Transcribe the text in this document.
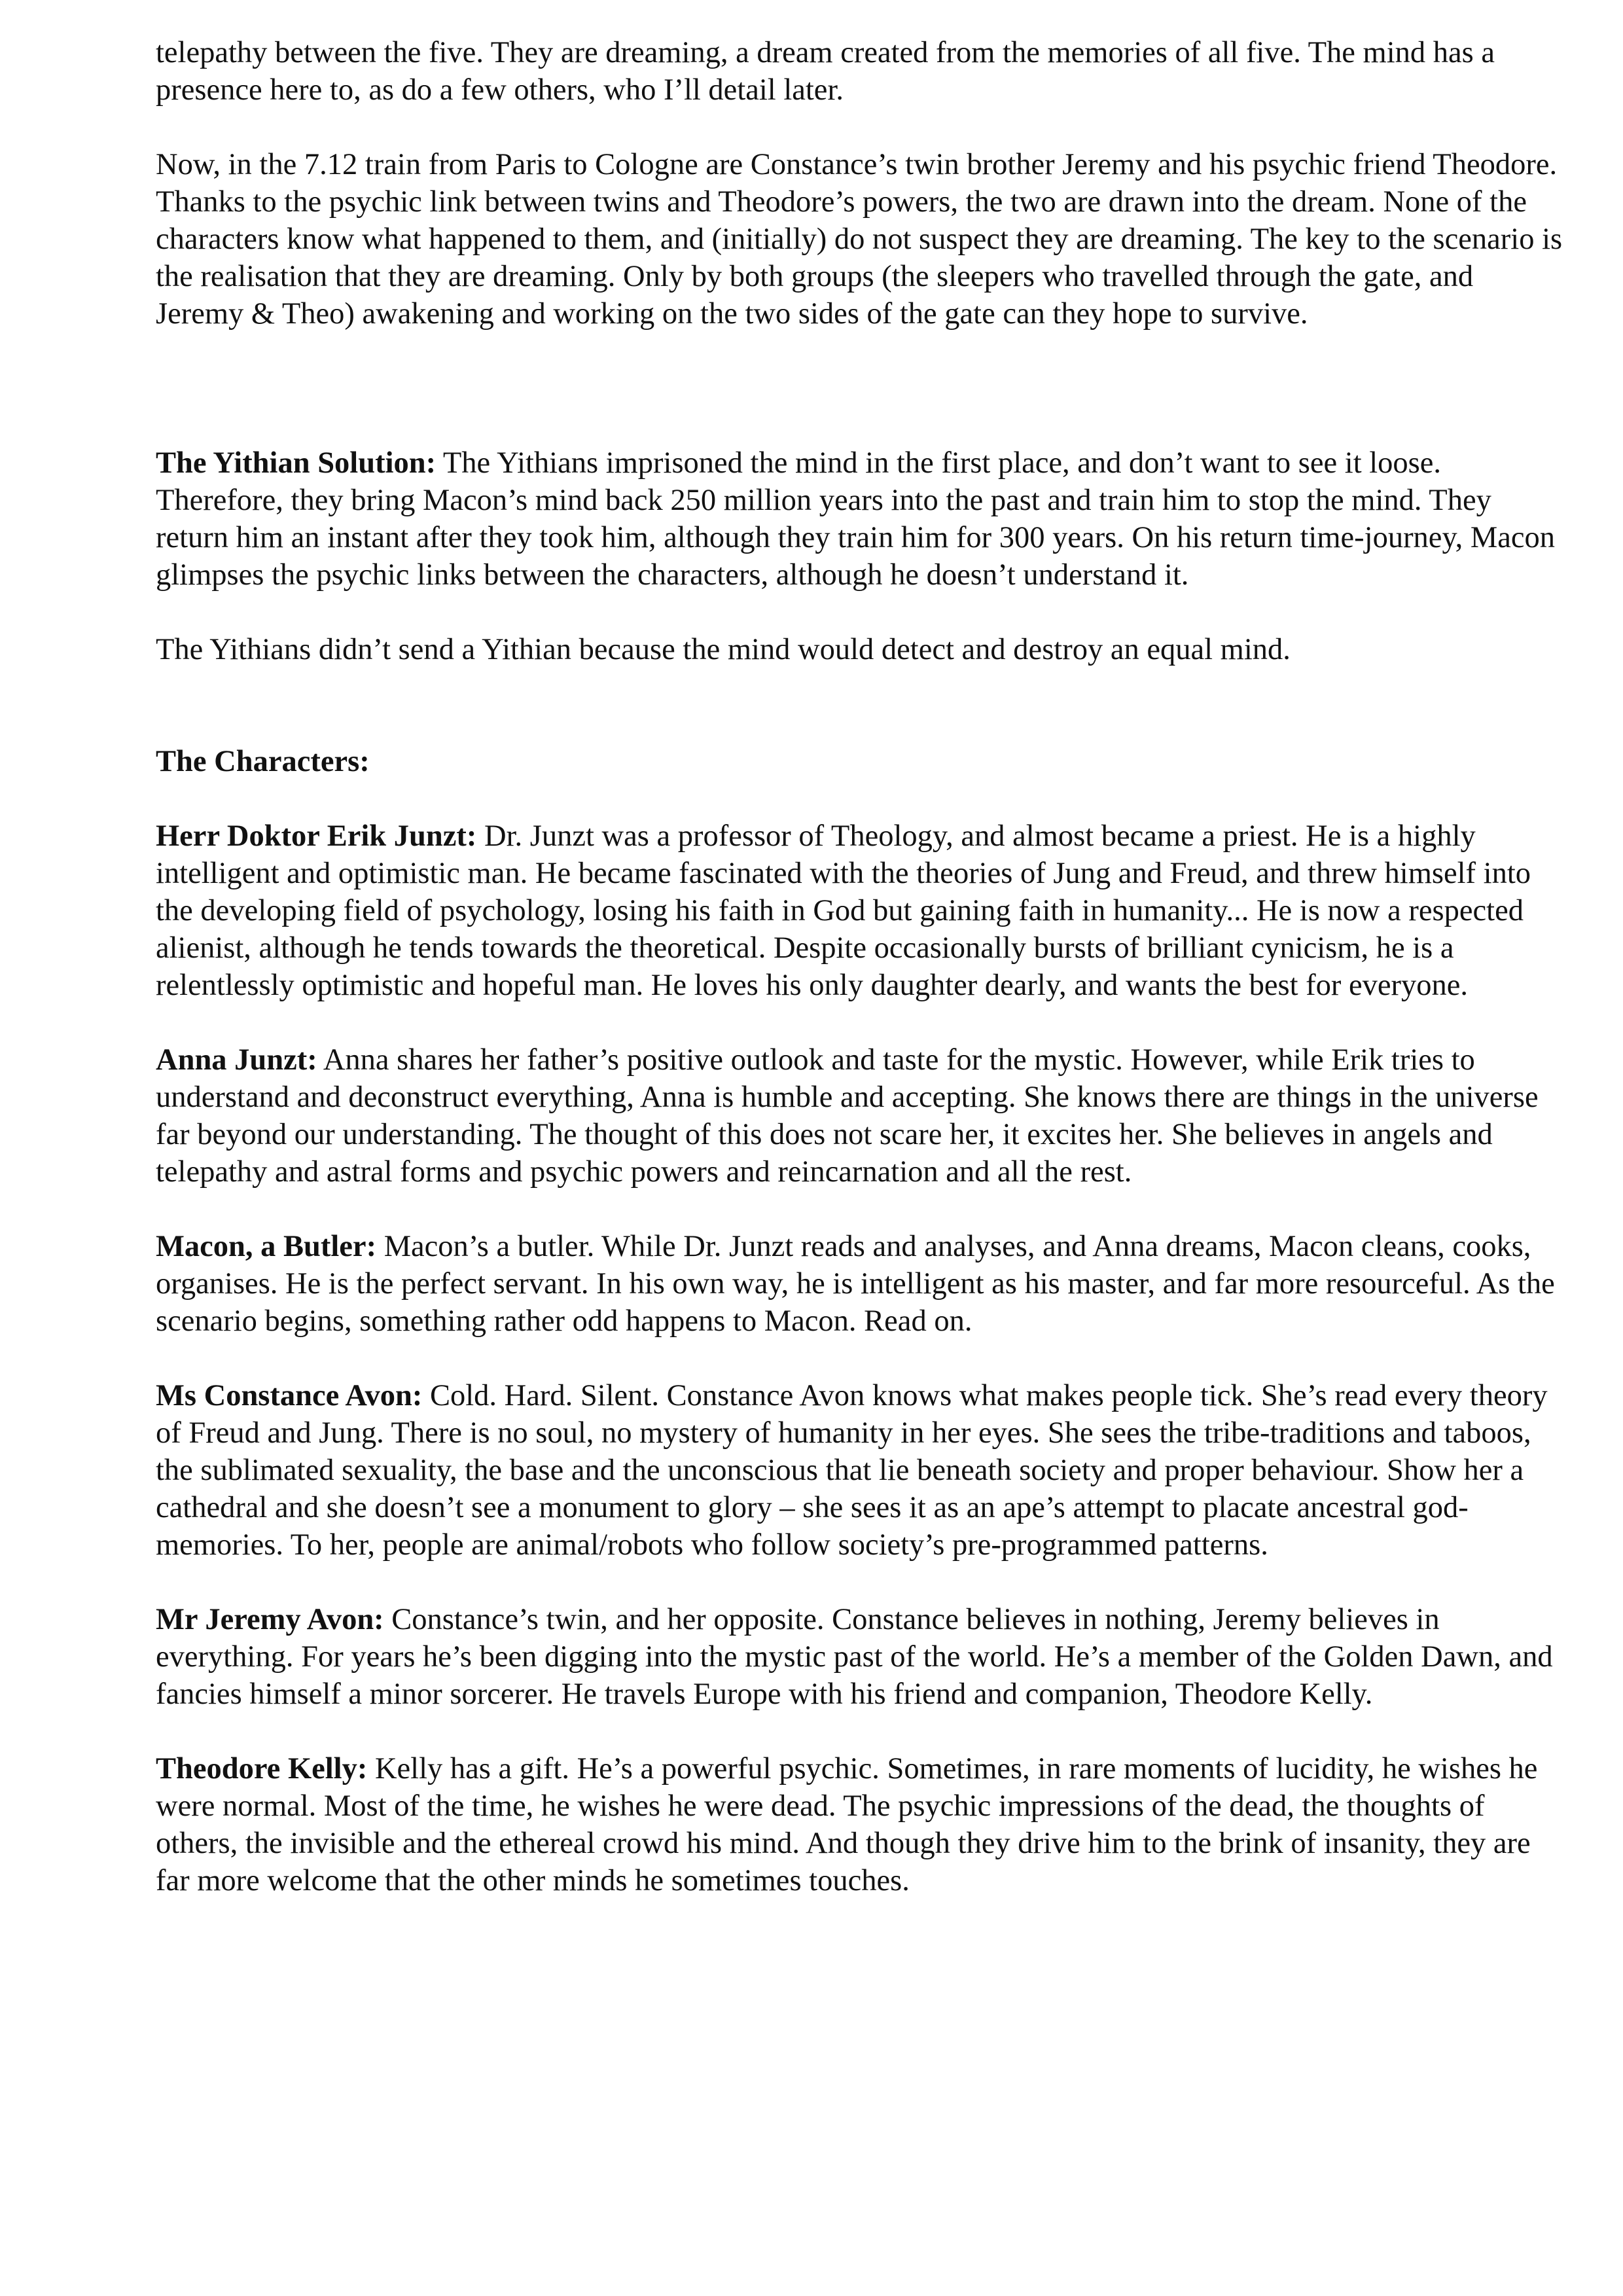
telepathy between the five. They are dreaming, a dream created from the memories of all five. The mind has a presence here to, as do a few others, who I’ll detail later.

Now, in the 7.12 train from Paris to Cologne are Constance’s twin brother Jeremy and his psychic friend Theodore. Thanks to the psychic link between twins and Theodore’s powers, the two are drawn into the dream. None of the characters know what happened to them, and (initially) do not suspect they are dreaming. The key to the scenario is the realisation that they are dreaming. Only by both groups (the sleepers who travelled through the gate, and Jeremy & Theo) awakening and working on the two sides of the gate can they hope to survive.

The Yithian Solution: The Yithians imprisoned the mind in the first place, and don’t want to see it loose. Therefore, they bring Macon’s mind back 250 million years into the past and train him to stop the mind. They return him an instant after they took him, although they train him for 300 years. On his return time-journey, Macon glimpses the psychic links between the characters, although he doesn’t understand it.

The Yithians didn’t send a Yithian because the mind would detect and destroy an equal mind.

The Characters:

Herr Doktor Erik Junzt: Dr. Junzt was a professor of Theology, and almost became a priest. He is a highly intelligent and optimistic man. He became fascinated with the theories of Jung and Freud, and threw himself into the developing field of psychology, losing his faith in God but gaining faith in humanity... He is now a respected alienist, although he tends towards the theoretical. Despite occasionally bursts of brilliant cynicism, he is a relentlessly optimistic and hopeful man. He loves his only daughter dearly, and wants the best for everyone.

Anna Junzt: Anna shares her father’s positive outlook and taste for the mystic. However, while Erik tries to understand and deconstruct everything, Anna is humble and accepting. She knows there are things in the universe far beyond our understanding. The thought of this does not scare her, it excites her. She believes in angels and telepathy and astral forms and psychic powers and reincarnation and all the rest.

Macon, a Butler: Macon’s a butler. While Dr. Junzt reads and analyses, and Anna dreams, Macon cleans, cooks, organises. He is the perfect servant. In his own way, he is intelligent as his master, and far more resourceful. As the scenario begins, something rather odd happens to Macon. Read on.

Ms Constance Avon: Cold. Hard. Silent. Constance Avon knows what makes people tick. She’s read every theory of Freud and Jung. There is no soul, no mystery of humanity in her eyes. She sees the tribe-traditions and taboos, the sublimated sexuality, the base and the unconscious that lie beneath society and proper behaviour. Show her a cathedral and she doesn’t see a monument to glory – she sees it as an ape’s attempt to placate ancestral god-memories. To her, people are animal/robots who follow society’s pre-programmed patterns.

Mr Jeremy Avon: Constance’s twin, and her opposite. Constance believes in nothing, Jeremy believes in everything. For years he’s been digging into the mystic past of the world. He’s a member of the Golden Dawn, and fancies himself a minor sorcerer. He travels Europe with his friend and companion, Theodore Kelly.

Theodore Kelly: Kelly has a gift. He’s a powerful psychic. Sometimes, in rare moments of lucidity, he wishes he were normal. Most of the time, he wishes he were dead. The psychic impressions of the dead, the thoughts of others, the invisible and the ethereal crowd his mind. And though they drive him to the brink of insanity, they are far more welcome that the other minds he sometimes touches.
